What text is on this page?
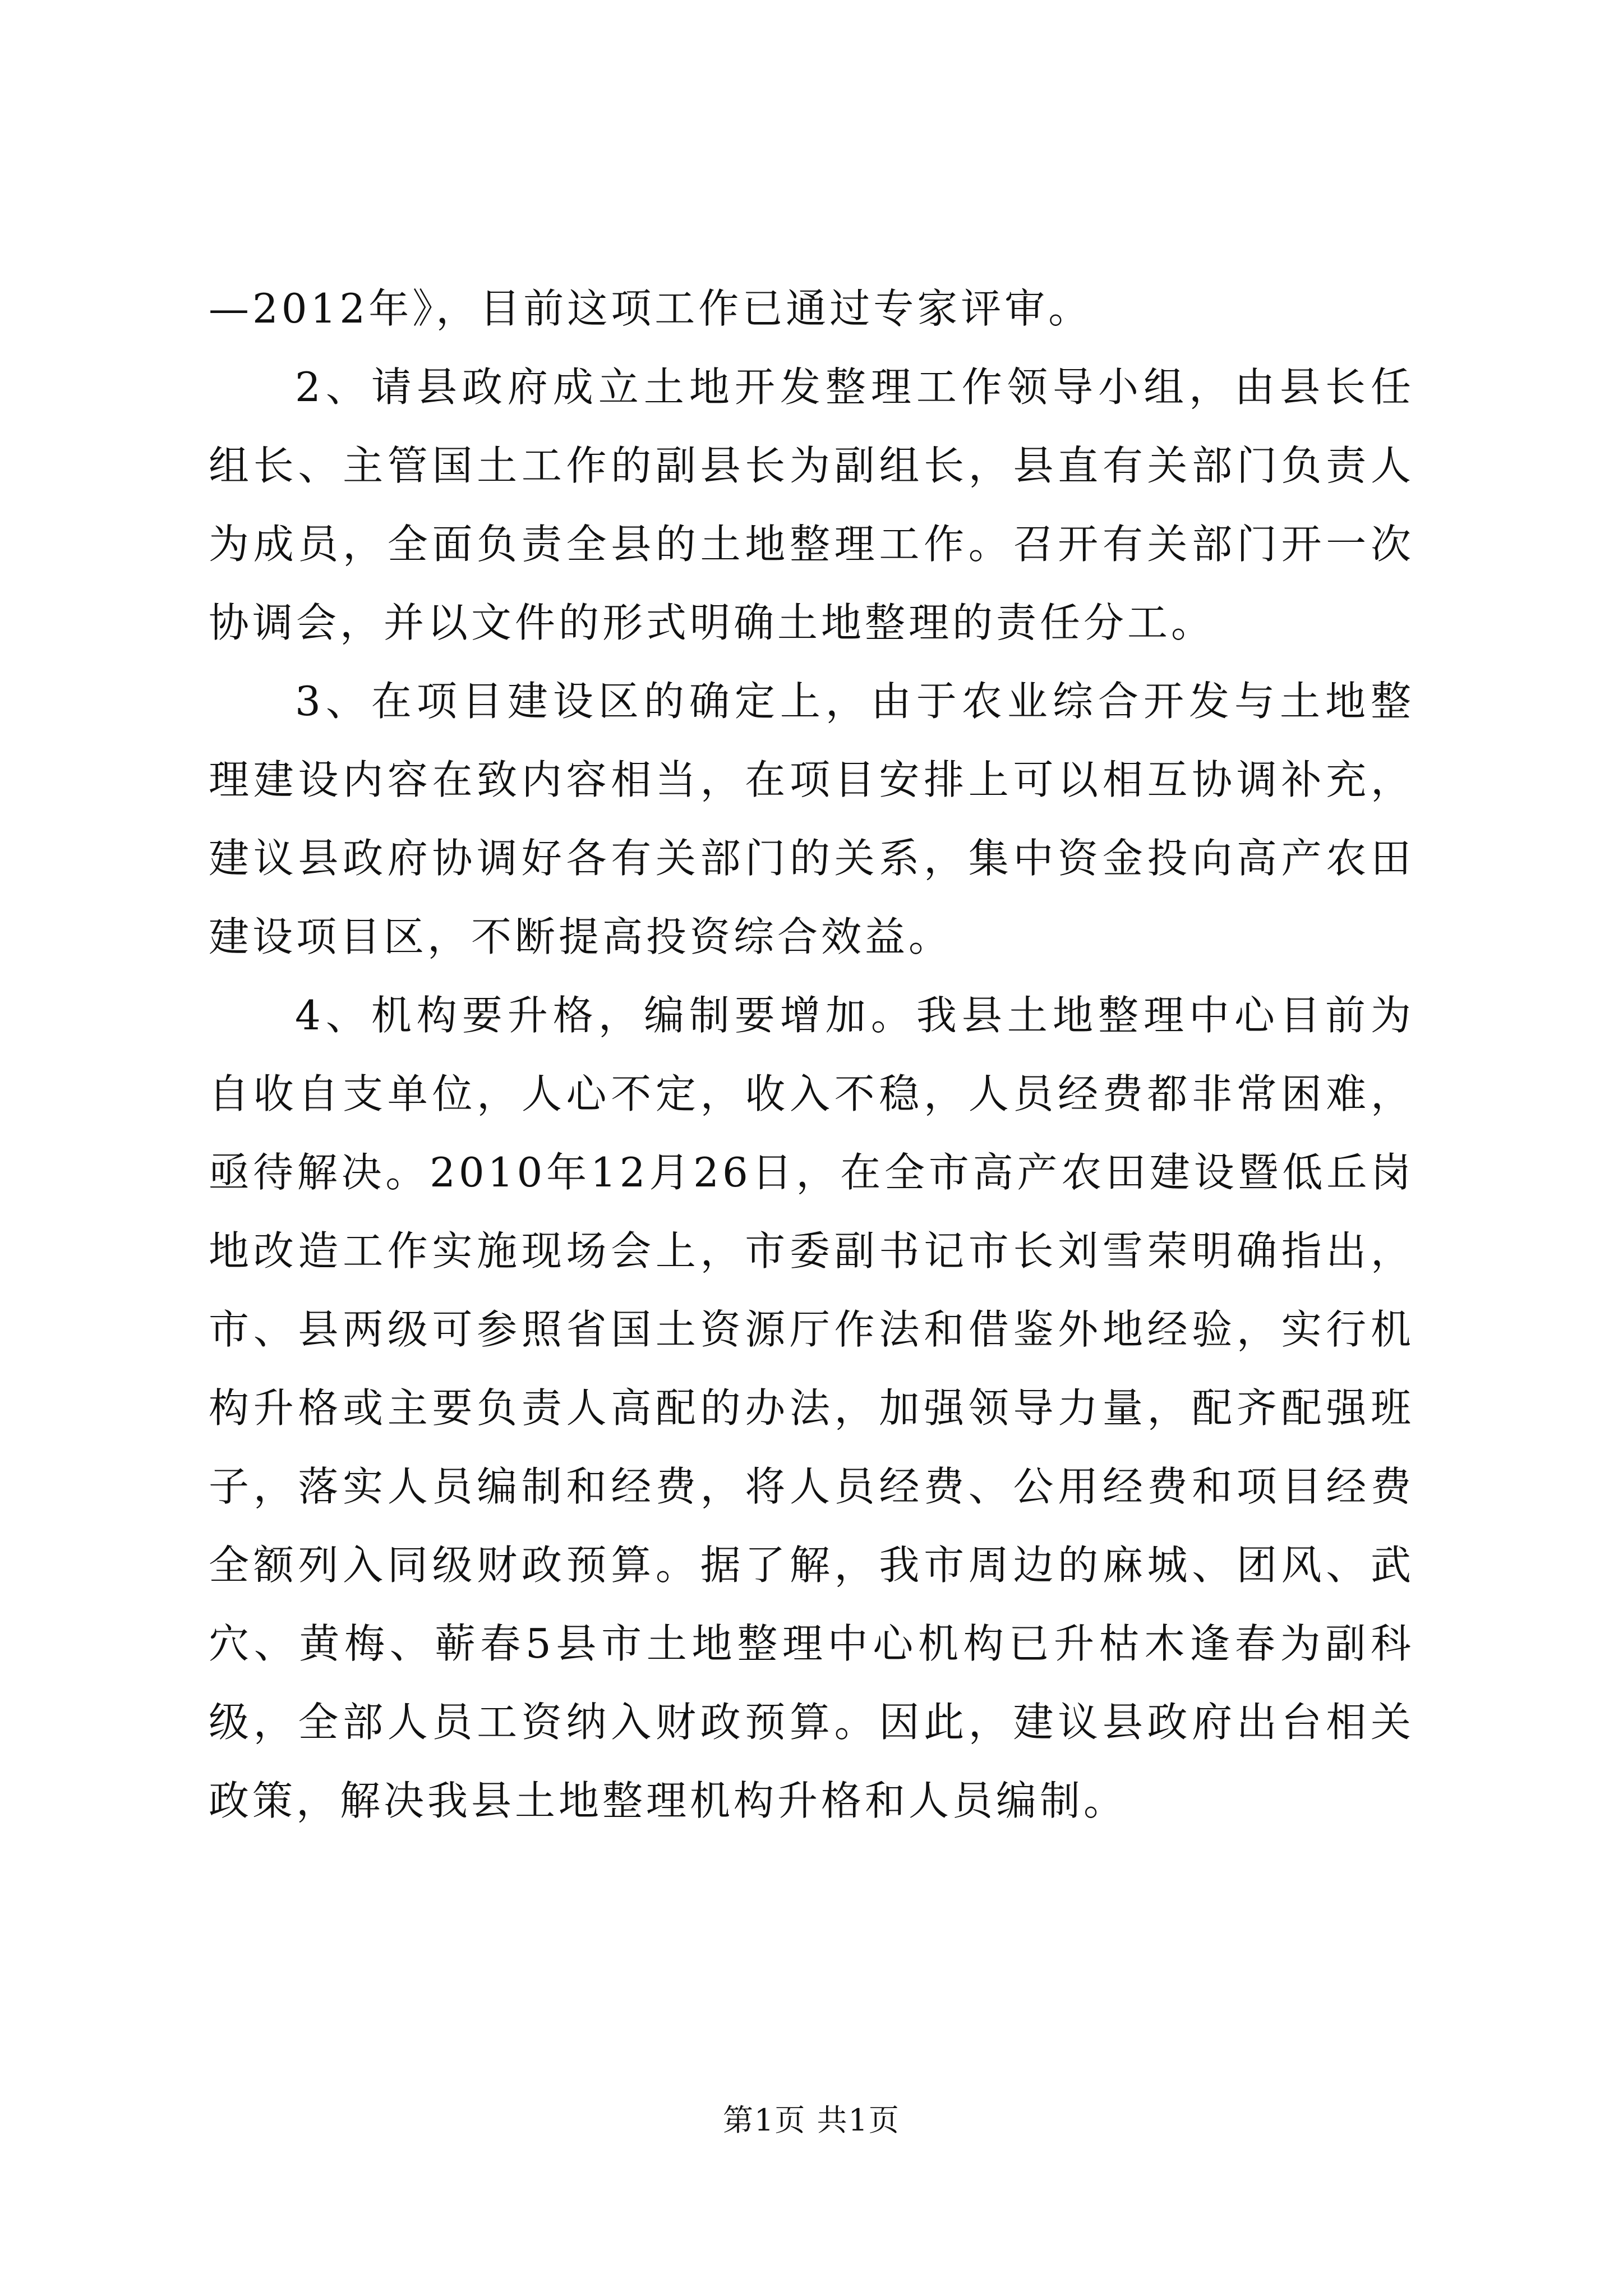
—2012年》，目前这项工作已通过专家评审。

2、请县政府成立土地开发整理工作领导小组，由县长任组长、主管国土工作的副县长为副组长，县直有关部门负责人为成员，全面负责全县的土地整理工作。召开有关部门开一次协调会，并以文件的形式明确土地整理的责任分工。

3、在项目建设区的确定上，由于农业综合开发与土地整理建设内容在致内容相当，在项目安排上可以相互协调补充，建议县政府协调好各有关部门的关系，集中资金投向高产农田建设项目区，不断提高投资综合效益。

4、机构要升格，编制要增加。我县土地整理中心目前为自收自支单位，人心不定，收入不稳，人员经费都非常困难，亟待解决。2010年12月26日，在全市高产农田建设暨低丘岗地改造工作实施现场会上，市委副书记市长刘雪荣明确指出，市、县两级可参照省国土资源厅作法和借鉴外地经验，实行机构升格或主要负责人高配的办法，加强领导力量，配齐配强班子，落实人员编制和经费，将人员经费、公用经费和项目经费全额列入同级财政预算。据了解，我市周边的麻城、团风、武穴、黄梅、蕲春5县市土地整理中心机构已升枯木逢春为副科级，全部人员工资纳入财政预算。因此，建议县政府出台相关政策，解决我县土地整理机构升格和人员编制。

第1页 共1页
